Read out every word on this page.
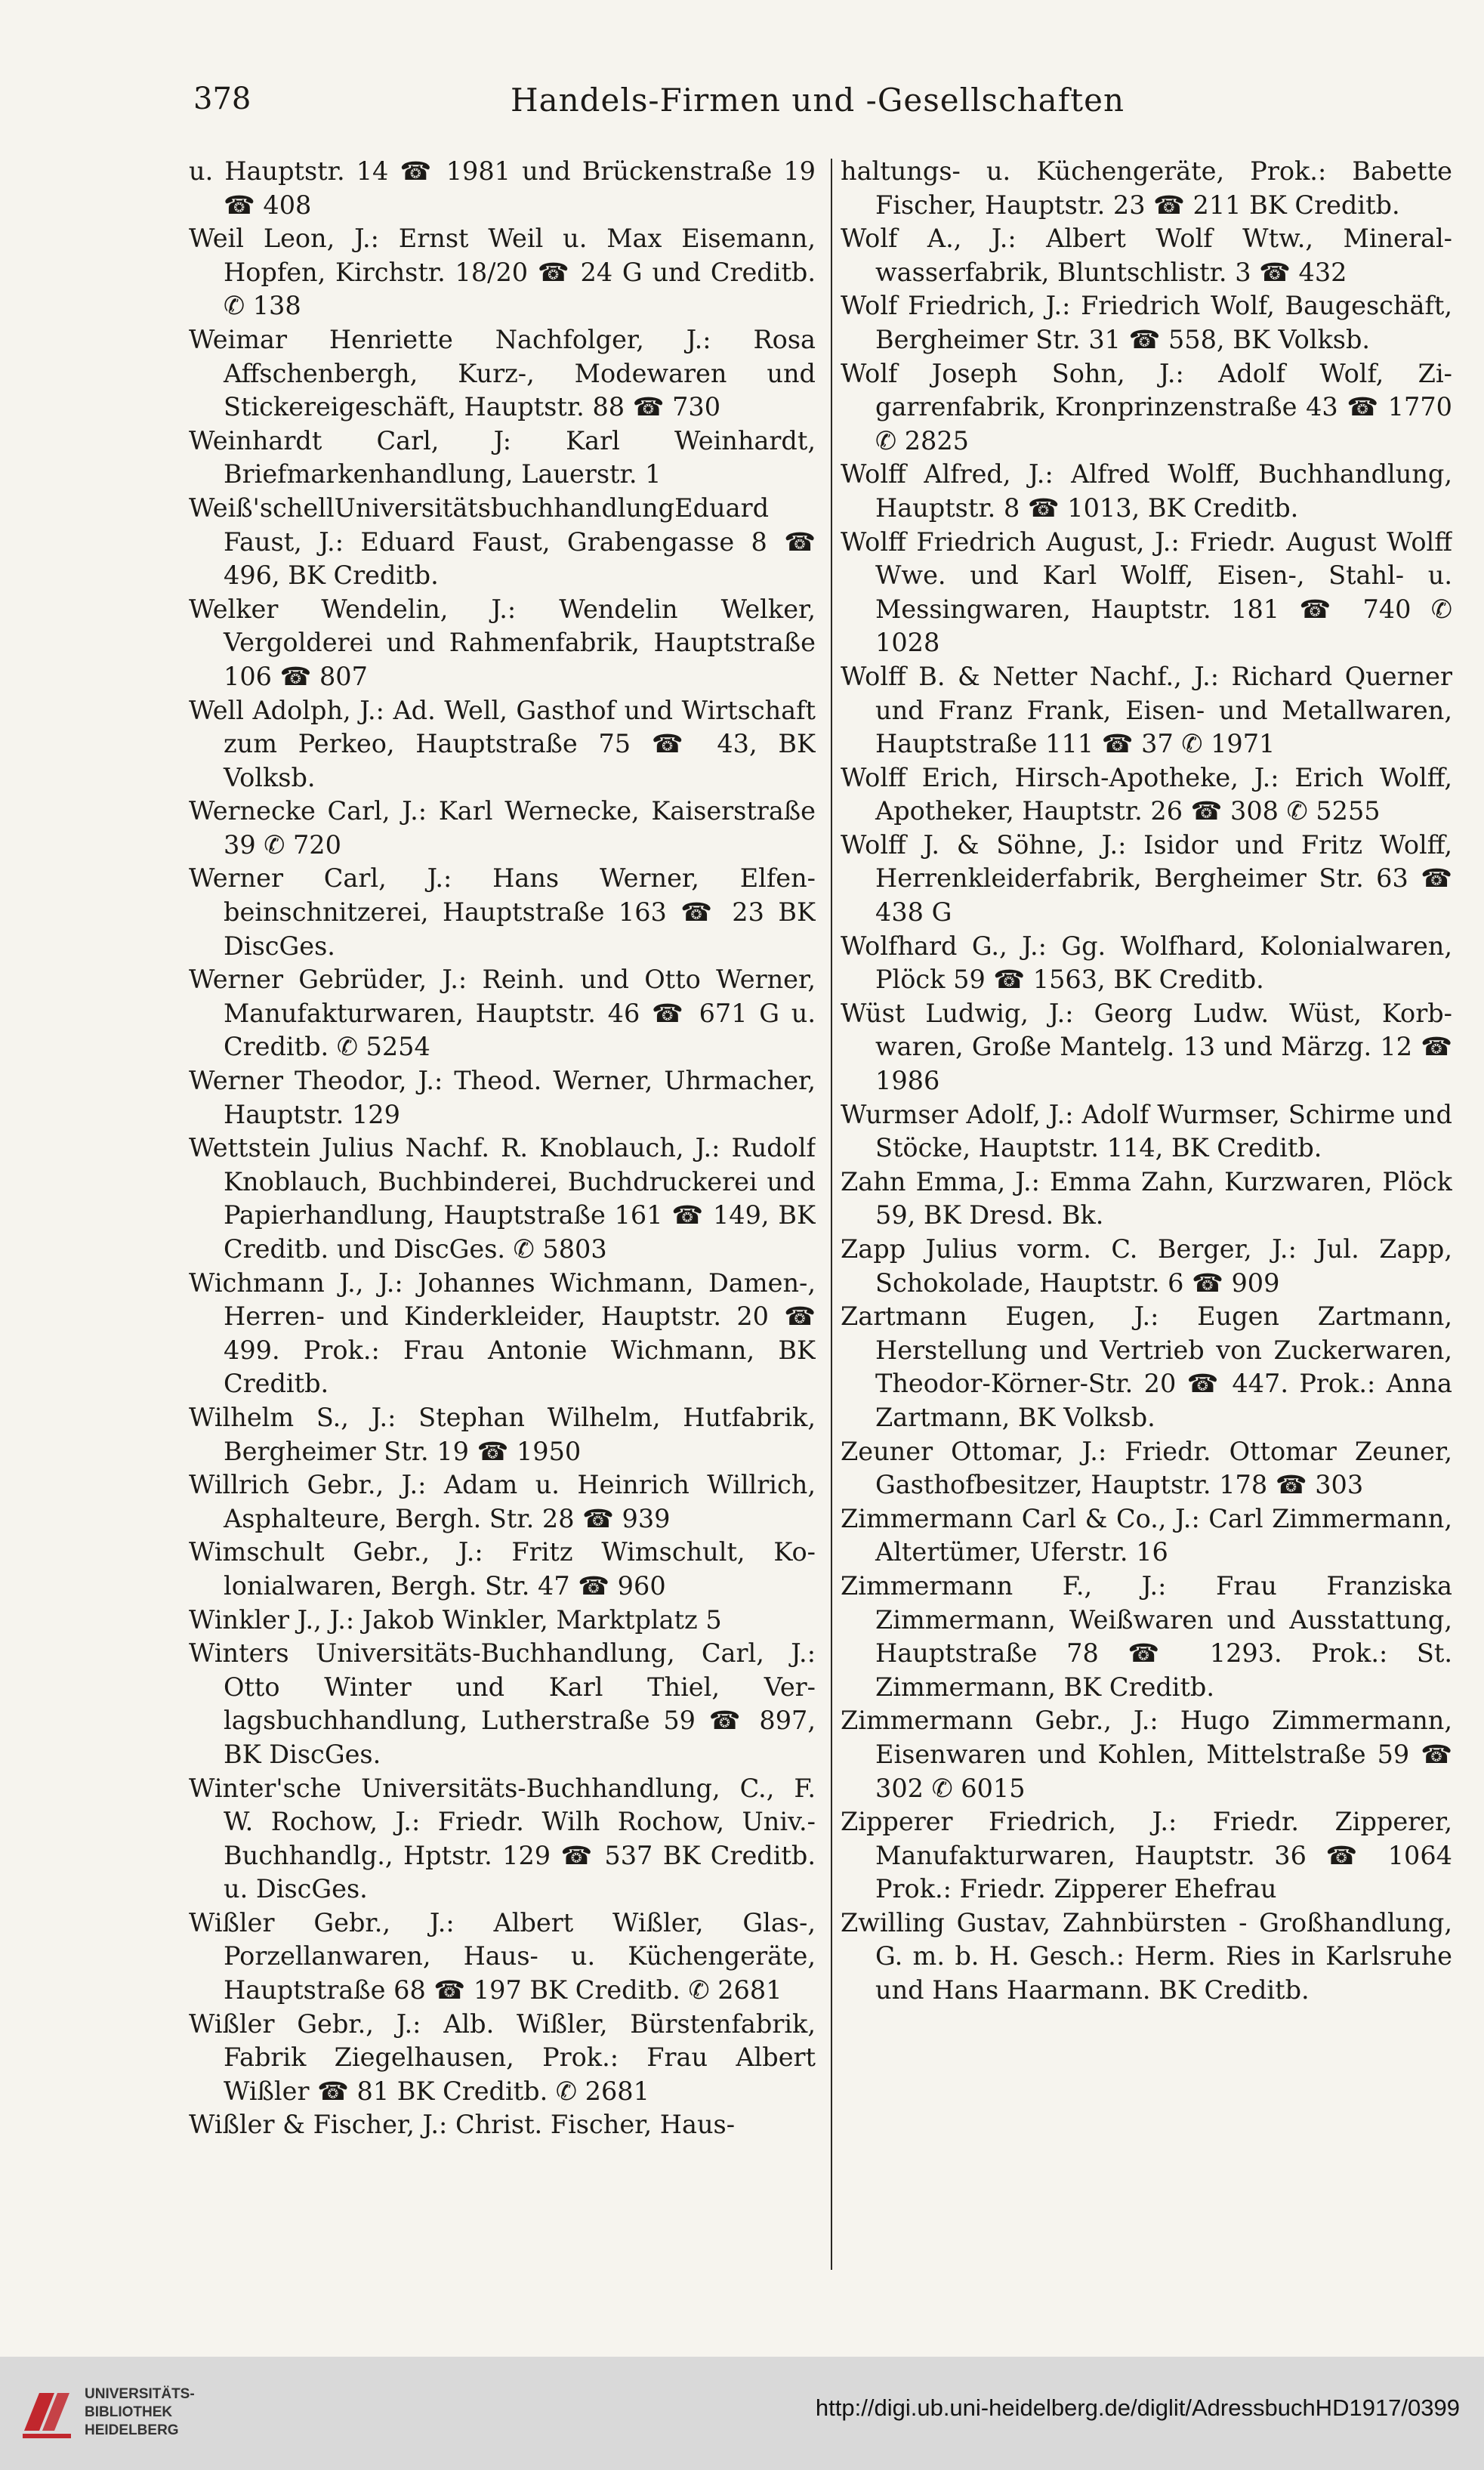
378	Handels-Firmen und -Gesellschaften

u. Hauptstr. 14 ☎ 1981 und Brückenstraße 19 ☎ 408

Weil Leon, J.: Ernst Weil u. Max Eisemann, Hopfen, Kirchstr. 18/20 ☎ 24 G und Creditb. ✆ 138

Weimar Henriette Nachfolger, J.: Rosa Affschenbergh, Kurz-, Modewaren und Stickereigeschäft, Hauptstr. 88 ☎ 730

Weinhardt Carl, J: Karl Weinhardt, Briefmarkenhandlung, Lauerstr. 1

Weiß'schellUniversitätsbuchhandlungEduard Faust, J.: Eduard Faust, Grabengasse 8 ☎ 496, BK Creditb.

Welker Wendelin, J.: Wendelin Welker, Vergolderei und Rahmenfabrik, Hauptstraße 106 ☎ 807

Well Adolph, J.: Ad. Well, Gasthof und Wirtschaft zum Perkeo, Hauptstraße 75 ☎ 43, BK Volksb.

Wernecke Carl, J.: Karl Wernecke, Kaiserstraße 39 ✆ 720

Werner Carl, J.: Hans Werner, Elfenbeinschnitzerei, Hauptstraße 163 ☎ 23 BK DiscGes.

Werner Gebrüder, J.: Reinh. und Otto Werner, Manufakturwaren, Hauptstr. 46 ☎ 671 G u. Creditb. ✆ 5254

Werner Theodor, J.: Theod. Werner, Uhrmacher, Hauptstr. 129

Wettstein Julius Nachf. R. Knoblauch, J.: Rudolf Knoblauch, Buchbinderei, Buchdruckerei und Papierhandlung, Hauptstraße 161 ☎ 149, BK Creditb. und DiscGes. ✆ 5803

Wichmann J., J.: Johannes Wichmann, Damen-, Herren- und Kinderkleider, Hauptstr. 20 ☎ 499. Prok.: Frau Antonie Wichmann, BK Creditb.

Wilhelm S., J.: Stephan Wilhelm, Hutfabrik, Bergheimer Str. 19 ☎ 1950

Willrich Gebr., J.: Adam u. Heinrich Willrich, Asphalteure, Bergh. Str. 28 ☎ 939

Wimschult Gebr., J.: Fritz Wimschult, Kolonialwaren, Bergh. Str. 47 ☎ 960

Winkler J., J.: Jakob Winkler, Marktplatz 5

Winters Universitäts-Buchhandlung, Carl, J.: Otto Winter und Karl Thiel, Verlagsbuchhandlung, Lutherstraße 59 ☎ 897, BK DiscGes.

Winter'sche Universitäts-Buchhandlung, C., F. W. Rochow, J.: Friedr. Wilh Rochow, Univ.-Buchhandlg., Hptstr. 129 ☎ 537 BK Creditb. u. DiscGes.

Wißler Gebr., J.: Albert Wißler, Glas-, Porzellanwaren, Haus- u. Küchengeräte, Hauptstraße 68 ☎ 197 BK Creditb. ✆ 2681

Wißler Gebr., J.: Alb. Wißler, Bürstenfabrik, Fabrik Ziegelhausen, Prok.: Frau Albert Wißler ☎ 81 BK Creditb. ✆ 2681

Wißler & Fischer, J.: Christ. Fischer, Haus-

haltungs- u. Küchengeräte, Prok.: Babette Fischer, Hauptstr. 23 ☎ 211 BK Creditb.

Wolf A., J.: Albert Wolf Wtw., Mineralwasserfabrik, Bluntschlistr. 3 ☎ 432

Wolf Friedrich, J.: Friedrich Wolf, Baugeschäft, Bergheimer Str. 31 ☎ 558, BK Volksb.

Wolf Joseph Sohn, J.: Adolf Wolf, Zigarrenfabrik, Kronprinzenstraße 43 ☎ 1770 ✆ 2825

Wolff Alfred, J.: Alfred Wolff, Buchhandlung, Hauptstr. 8 ☎ 1013, BK Creditb.

Wolff Friedrich August, J.: Friedr. August Wolff Wwe. und Karl Wolff, Eisen-, Stahl- u. Messingwaren, Hauptstr. 181 ☎ 740 ✆ 1028

Wolff B. & Netter Nachf., J.: Richard Querner und Franz Frank, Eisen- und Metallwaren, Hauptstraße 111 ☎ 37 ✆ 1971

Wolff Erich, Hirsch-Apotheke, J.: Erich Wolff, Apotheker, Hauptstr. 26 ☎ 308 ✆ 5255

Wolff J. & Söhne, J.: Isidor und Fritz Wolff, Herrenkleiderfabrik, Bergheimer Str. 63 ☎ 438 G

Wolfhard G., J.: Gg. Wolfhard, Kolonialwaren, Plöck 59 ☎ 1563, BK Creditb.

Wüst Ludwig, J.: Georg Ludw. Wüst, Korbwaren, Große Mantelg. 13 und Märzg. 12 ☎ 1986

Wurmser Adolf, J.: Adolf Wurmser, Schirme und Stöcke, Hauptstr. 114, BK Creditb.

Zahn Emma, J.: Emma Zahn, Kurzwaren, Plöck 59, BK Dresd. Bk.

Zapp Julius vorm. C. Berger, J.: Jul. Zapp, Schokolade, Hauptstr. 6 ☎ 909

Zartmann Eugen, J.: Eugen Zartmann, Herstellung und Vertrieb von Zuckerwaren, Theodor-Körner-Str. 20 ☎ 447. Prok.: Anna Zartmann, BK Volksb.

Zeuner Ottomar, J.: Friedr. Ottomar Zeuner, Gasthofbesitzer, Hauptstr. 178 ☎ 303

Zimmermann Carl & Co., J.: Carl Zimmermann, Altertümer, Uferstr. 16

Zimmermann F., J.: Frau Franziska Zimmermann, Weißwaren und Ausstattung, Hauptstraße 78 ☎ 1293. Prok.: St. Zimmermann, BK Creditb.

Zimmermann Gebr., J.: Hugo Zimmermann, Eisenwaren und Kohlen, Mittelstraße 59 ☎ 302 ✆ 6015

Zipperer Friedrich, J.: Friedr. Zipperer, Manufakturwaren, Hauptstr. 36 ☎ 1064 Prok.: Friedr. Zipperer Ehefrau

Zwilling Gustav, Zahnbürsten - Großhandlung, G. m. b. H. Gesch.: Herm. Ries in Karlsruhe und Hans Haarmann. BK Creditb.

UNIVERSITÄTS-
BIBLIOTHEK
HEIDELBERG
http://digi.ub.uni-heidelberg.de/diglit/AdressbuchHD1917/0399
